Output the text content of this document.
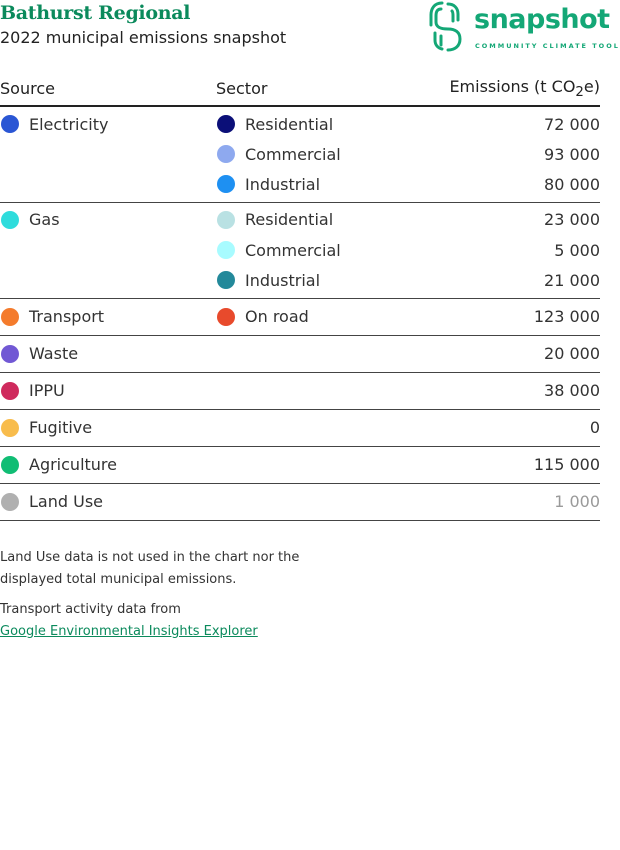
Bathurst Regional
2022 municipal emissions snapshot
snapshot
COMMUNITY CLIMATE TOOL
Source	Sector	Emissions (t $CO_2e$)

Electricity	Residential	72 000

	Commercial	93 000

	Industrial	80 000

Gas	Residential	23 000

	Commercial	5 000

	Industrial	21 000

Transport	On road	123 000

Waste		20 000

IPPU		38 000

Fugitive		0

Agriculture		115 000

Land Use		1 000

Land Use data is not used in the chart nor the displayed total municipal emissions.

Transport activity data from
Google Environmental Insights Explorer
